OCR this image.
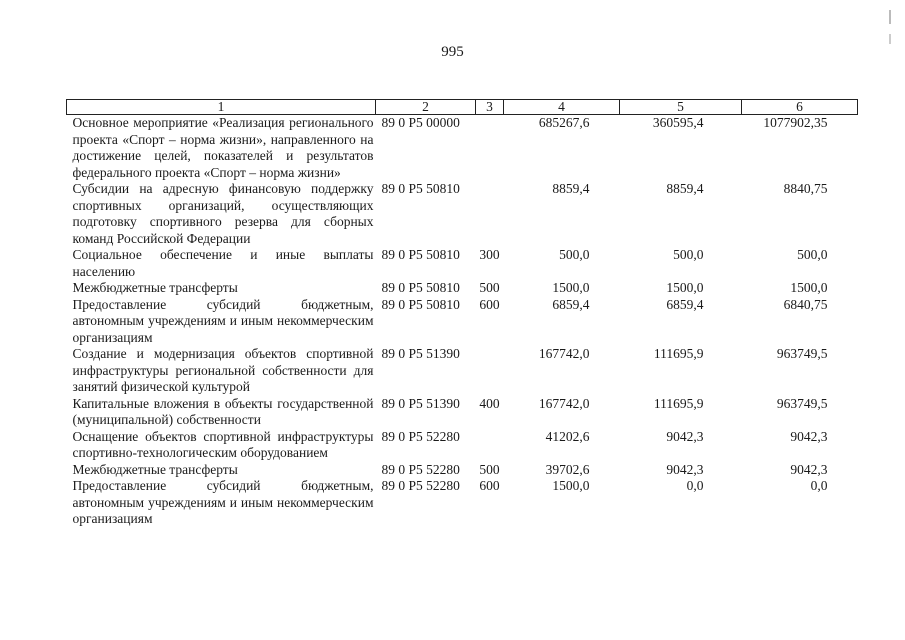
995
1	2	3	4	5	6
Основное мероприятие «Реализация регионального проекта «Спорт – норма жизни», направленного на достижение целей, показателей и результатов федерального проекта «Спорт – норма жизни»	89 0 P5 00000		685267,6	360595,4	1077902,35
Субсидии на адресную финансовую поддержку спортивных организаций, осуществляющих подготовку спортивного резерва для сборных команд Российской Федерации	89 0 P5 50810		8859,4	8859,4	8840,75
Социальное обеспечение и иные выплаты населению	89 0 P5 50810	300	500,0	500,0	500,0
Межбюджетные трансферты	89 0 P5 50810	500	1500,0	1500,0	1500,0
Предоставление субсидий бюджетным, автономным учреждениям и иным некоммерческим организациям	89 0 P5 50810	600	6859,4	6859,4	6840,75
Создание и модернизация объектов спортивной инфраструктуры региональной собственности для занятий физической культурой	89 0 P5 51390		167742,0	111695,9	963749,5
Капитальные вложения в объекты государственной (муниципальной) собственности	89 0 P5 51390	400	167742,0	111695,9	963749,5
Оснащение объектов спортивной инфраструктуры спортивно-технологическим оборудованием	89 0 P5 52280		41202,6	9042,3	9042,3
Межбюджетные трансферты	89 0 P5 52280	500	39702,6	9042,3	9042,3
Предоставление субсидий бюджетным, автономным учреждениям и иным некоммерческим организациям	89 0 P5 52280	600	1500,0	0,0	0,0
